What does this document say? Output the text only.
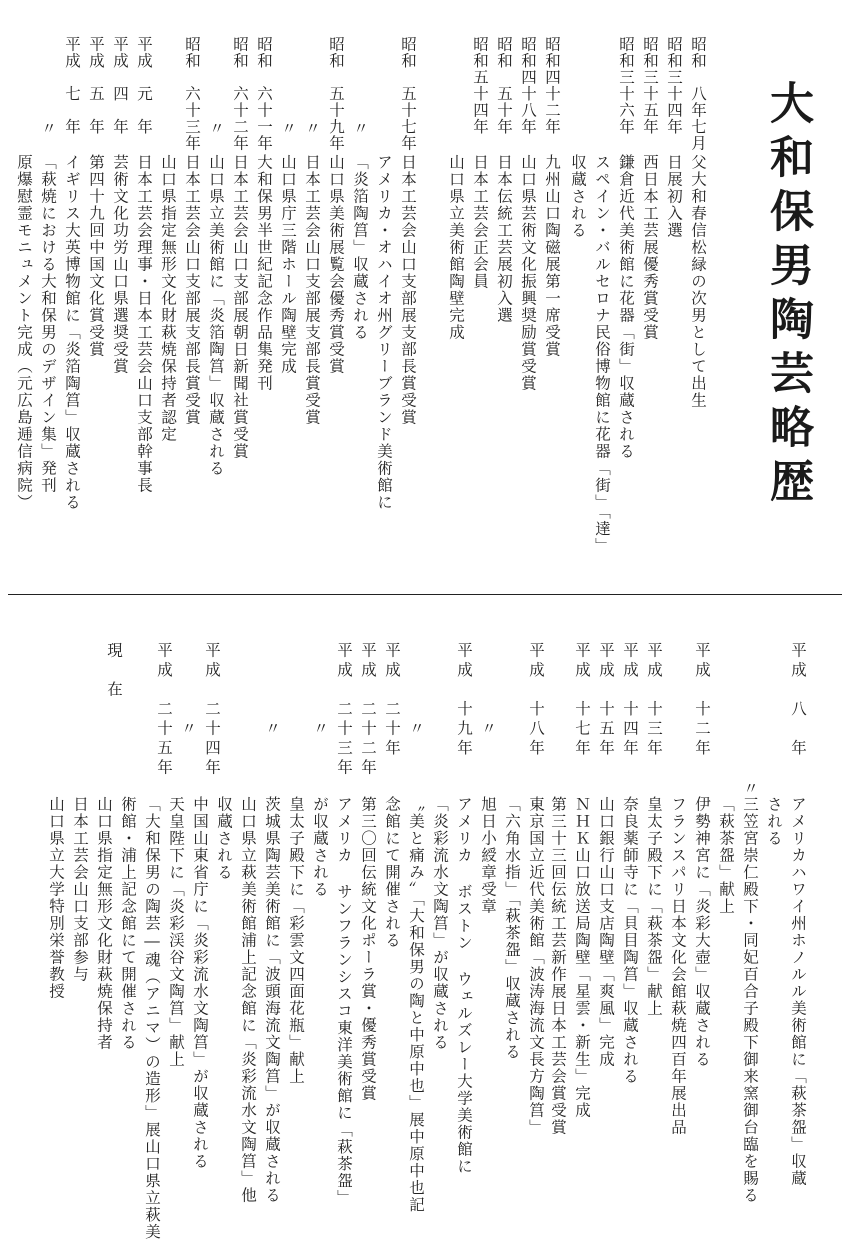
大和保男陶芸略歴
昭和　八年七月
昭和三十四年
昭和三十五年
昭和三十六年
昭和四十二年
昭和四十八年
昭和　五十年
昭和五十四年
昭和　五十七年
〃
昭和　五十九年
〃
〃
昭和　六十一年
昭和　六十二年
〃
昭和　六十三年
平成　元　年
平成　四　年
平成　五　年
平成　七　年
〃
父大和春信松緑の次男として出生
日展初入選
西日本工芸展優秀賞受賞
鎌倉近代美術館に花器「街」収蔵される
スペイン・バルセロナ民俗博物館に花器「街」「達」
収蔵される
九州山口陶磁展第一席受賞
山口県芸術文化振興奨励賞受賞
日本伝統工芸展初入選
日本工芸会正会員
山口県立美術館陶壁完成
日本工芸会山口支部展支部長賞受賞
アメリカ・オハイオ州グリーブランド美術館に
「炎箔陶筥」収蔵される
山口県美術展覧会優秀賞受賞
日本工芸会山口支部展支部長賞受賞
山口県庁三階ホール陶壁完成
大和保男半世紀記念作品集発刊
日本工芸会山口支部展朝日新聞社賞受賞
山口県立美術館に「炎箔陶筥」収蔵される
日本工芸会山口支部展支部長賞受賞
山口県指定無形文化財萩焼保持者認定
日本工芸会理事・日本工芸会山口支部幹事長
芸術文化功労山口県選奨受賞
第四十九回中国文化賞受賞
イギリス大英博物館に「炎箔陶筥」収蔵される
「萩焼における大和保男のデザイン集」発刊
原爆慰霊モニュメント完成（元広島逓信病院）
平成　八　年
〃
平成　十二年
平成　十三年
平成　十四年
平成　十五年
平成　十七年
平成　十八年
〃
平成　十九年
〃
平成　二十年
平成　二十二年
平成　二十三年
〃
〃
平成　二十四年
〃
平成　二十五年
現　在
アメリカハワイ州ホノルル美術館に「萩茶盌」収蔵
される
三笠宮崇仁殿下・同妃百合子殿下御来窯御台臨を賜る
「萩茶盌」献上
伊勢神宮に「炎彩大壺」収蔵される
フランスパリ日本文化会館萩焼四百年展出品
皇太子殿下に「萩茶盌」献上
奈良薬師寺に「貝目陶筥」収蔵される
山口銀行山口支店陶壁「爽風」完成
ＮＨＫ山口放送局陶壁「星雲・新生」完成
第三十三回伝統工芸新作展日本工芸会賞受賞
東京国立近代美術館「波涛海流文長方陶筥」
「六角水指」「萩茶盌」収蔵される
旭日小綬章受章
アメリカ ボストン ウェルズレー大学美術館に
「炎彩流水文陶筥」が収蔵される
〝美と痛み〟「大和保男の陶と中原中也」展中原中也記
念館にて開催される
第三〇回伝統文化ポーラ賞・優秀賞受賞
アメリカ サンフランシスコ東洋美術館に「萩茶盌」
が収蔵される
皇太子殿下に「彩雲文四面花瓶」献上
茨城県陶芸美術館に「波頭海流文陶筥」が収蔵される
山口県立萩美術館浦上記念館に「炎彩流水文陶筥」他
収蔵される
中国山東省庁に「炎彩流水文陶筥」が収蔵される
天皇陛下に「炎彩渓谷文陶筥」献上
「大和保男の陶芸―魂（アニマ）の造形」展山口県立萩美
術館・浦上記念館にて開催される
山口県指定無形文化財萩焼保持者
日本工芸会山口支部参与
山口県立大学特別栄誉教授
